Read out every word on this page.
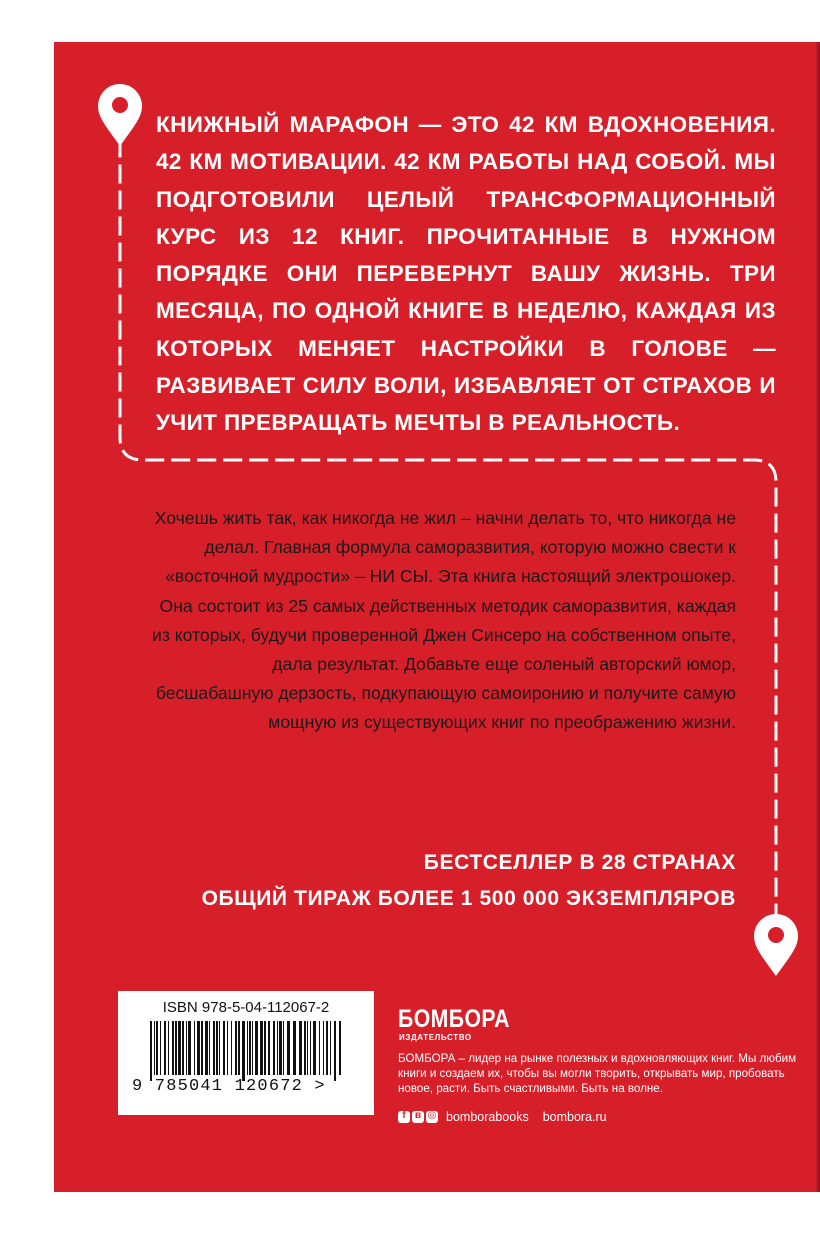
КНИЖНЫЙ МАРАФОН — ЭТО 42 КМ ВДОХНОВЕНИЯ. 42 КМ МОТИВАЦИИ. 42 КМ РАБОТЫ НАД СОБОЙ. МЫ ПОДГОТОВИЛИ ЦЕЛЫЙ ТРАНСФОРМАЦИОННЫЙ КУРС ИЗ 12 КНИГ. ПРОЧИТАННЫЕ В НУЖНОМ ПОРЯДКЕ ОНИ ПЕРЕВЕРНУТ ВАШУ ЖИЗНЬ. ТРИ МЕСЯЦА, ПО ОДНОЙ КНИГЕ В НЕДЕЛЮ, КАЖДАЯ ИЗ КОТОРЫХ МЕНЯЕТ НАСТРОЙКИ В ГОЛОВЕ — РАЗВИВАЕТ СИЛУ ВОЛИ, ИЗБАВЛЯЕТ ОТ СТРАХОВ И УЧИТ ПРЕВРАЩАТЬ МЕЧТЫ В РЕАЛЬНОСТЬ.
Хочешь жить так, как никогда не жил – начни делать то, что никогда не делал. Главная формула саморазвития, которую можно свести к «восточной мудрости» – НИ СЫ. Эта книга настоящий электрошокер. Она состоит из 25 самых действенных методик саморазвития, каждая из которых, будучи проверенной Джен Синсеро на собственном опыте, дала результат. Добавьте еще соленый авторский юмор, бесшабашную дерзость, подкупающую самоиронию и получите самую мощную из существующих книг по преображению жизни.
БЕСТСЕЛЛЕР В 28 СТРАНАХ
ОБЩИЙ ТИРАЖ БОЛЕЕ 1 500 000 ЭКЗЕМПЛЯРОВ
ISBN 978-5-04-112067-2
9 785041 120672 >
БОМБОРА
ИЗДАТЕЛЬСТВО
БОМБОРА – лидер на рынке полезных и вдохновляющих книг. Мы любим книги и создаем их, чтобы вы могли творить, открывать мир, пробовать новое, расти. Быть счастливыми. Быть на волне.
f в ◎ bomborabooks bombora.ru
